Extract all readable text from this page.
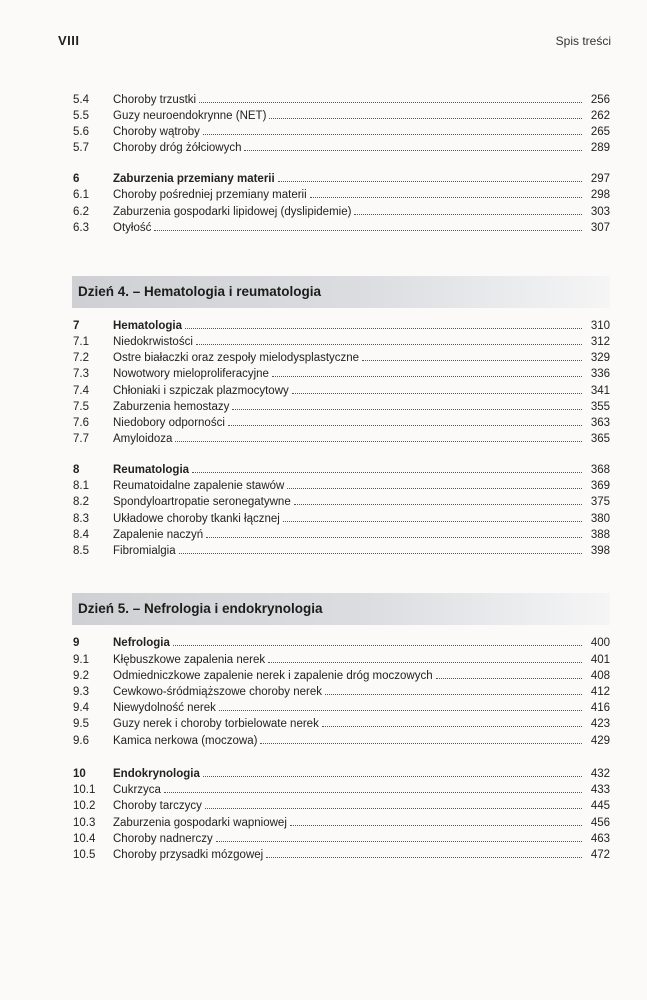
VIII	Spis treści
5.4 Choroby trzustki	256
5.5 Guzy neuroendokrynne (NET)	262
5.6 Choroby wątroby	265
5.7 Choroby dróg żółciowych	289
6	Zaburzenia przemiany materii	297
6.1 Choroby pośredniej przemiany materii	298
6.2 Zaburzenia gospodarki lipidowej (dyslipidemie)	303
6.3 Otyłość	307
Dzień 4. – Hematologia i reumatologia
7	Hematologia	310
7.1 Niedokrwistości	312
7.2 Ostre białaczki oraz zespoły mielodysplastyczne	329
7.3 Nowotwory mieloproliferacyjne	336
7.4 Chłoniaki i szpiczak plazmocytowy	341
7.5 Zaburzenia hemostazy	355
7.6 Niedobory odporności	363
7.7 Amyloidoza	365
8	Reumatologia	368
8.1 Reumatoidalne zapalenie stawów	369
8.2 Spondyloartropatie seronegatywne	375
8.3 Układowe choroby tkanki łącznej	380
8.4 Zapalenie naczyń	388
8.5 Fibromialgia	398
Dzień 5. – Nefrologia i endokrynologia
9	Nefrologia	400
9.1 Kłębuszkowe zapalenia nerek	401
9.2 Odmiedniczkowe zapalenie nerek i zapalenie dróg moczowych	408
9.3 Cewkowo-śródmiąższowe choroby nerek	412
9.4 Niewydolność nerek	416
9.5 Guzy nerek i choroby torbielowate nerek	423
9.6 Kamica nerkowa (moczowa)	429
10 Endokrynologia	432
10.1 Cukrzyca	433
10.2 Choroby tarczycy	445
10.3 Zaburzenia gospodarki wapniowej	456
10.4 Choroby nadnerczy	463
10.5 Choroby przysadki mózgowej	472
